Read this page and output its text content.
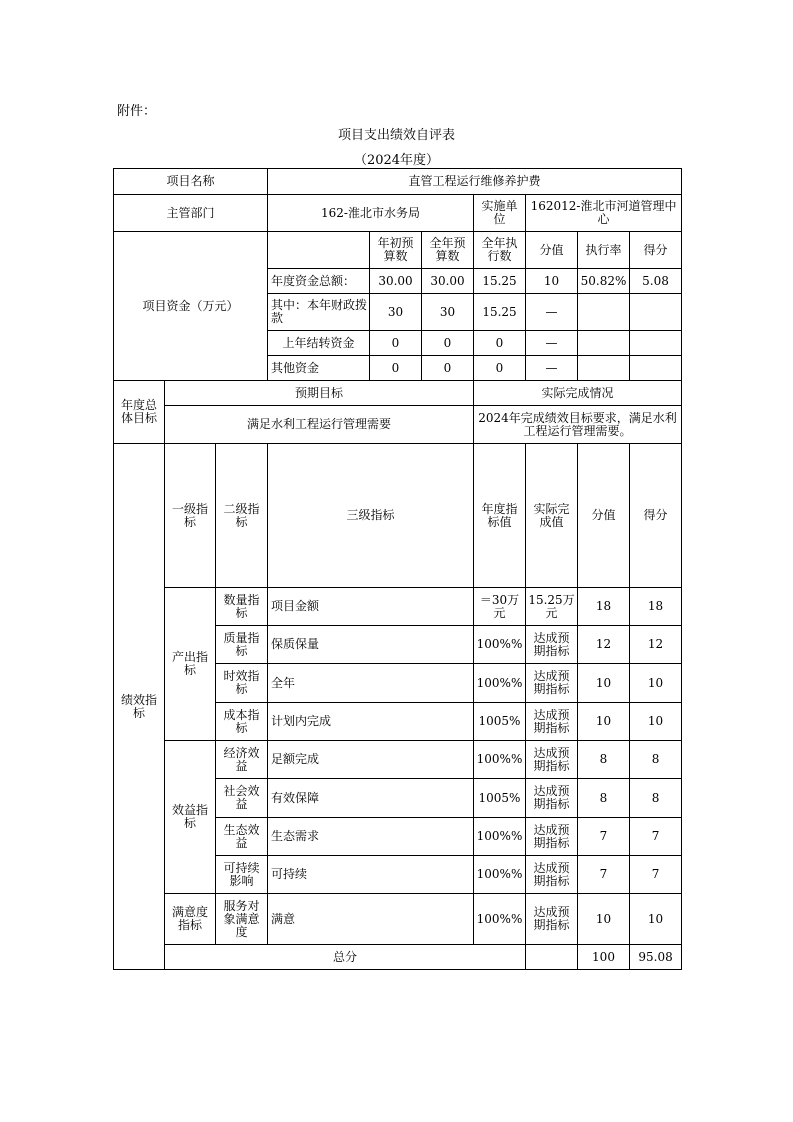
附件：
项目支出绩效自评表
（2024年度）
项目名称			直管工程运行维修养护费							
主管部门			162-淮北市水务局			实施单位	162012-淮北市河道管理中心			
项目资金（万元）				年初预算数	全年预算数	全年执行数	分值	执行率	得分	
			年度资金总额：	30.00	30.00	15.25	10	50.82%	5.08	
			其中：本年财政拨款	30	30	15.25	—			
			上年结转资金	0	0	0	—			
			其他资金	0	0	0	—			
年度总体目标	预期目标					实际完成情况				
	满足水利工程运行管理需要					2024年完成绩效目标要求，满足水利工程运行管理需要。				
绩效指标	一级指标	二级指标	三级指标			年度指标值	实际完成值	分值	得分	
	产出指标	数量指标	项目金额			＝30万元	15.25万元	18	18	
		质量指标	保质保量			100%%	达成预期指标	12	12	
		时效指标	全年			100%%	达成预期指标	10	10	
		成本指标	计划内完成			1005%	达成预期指标	10	10	
	效益指标	经济效益	足额完成			100%%	达成预期指标	8	8	
		社会效益	有效保障			1005%	达成预期指标	8	8	
		生态效益	生态需求			100%%	达成预期指标	7	7	
		可持续影响	可持续			100%%	达成预期指标	7	7	
	满意度指标	服务对象满意度	满意			100%%	达成预期指标	10	10	
	总分							100	95.08	
